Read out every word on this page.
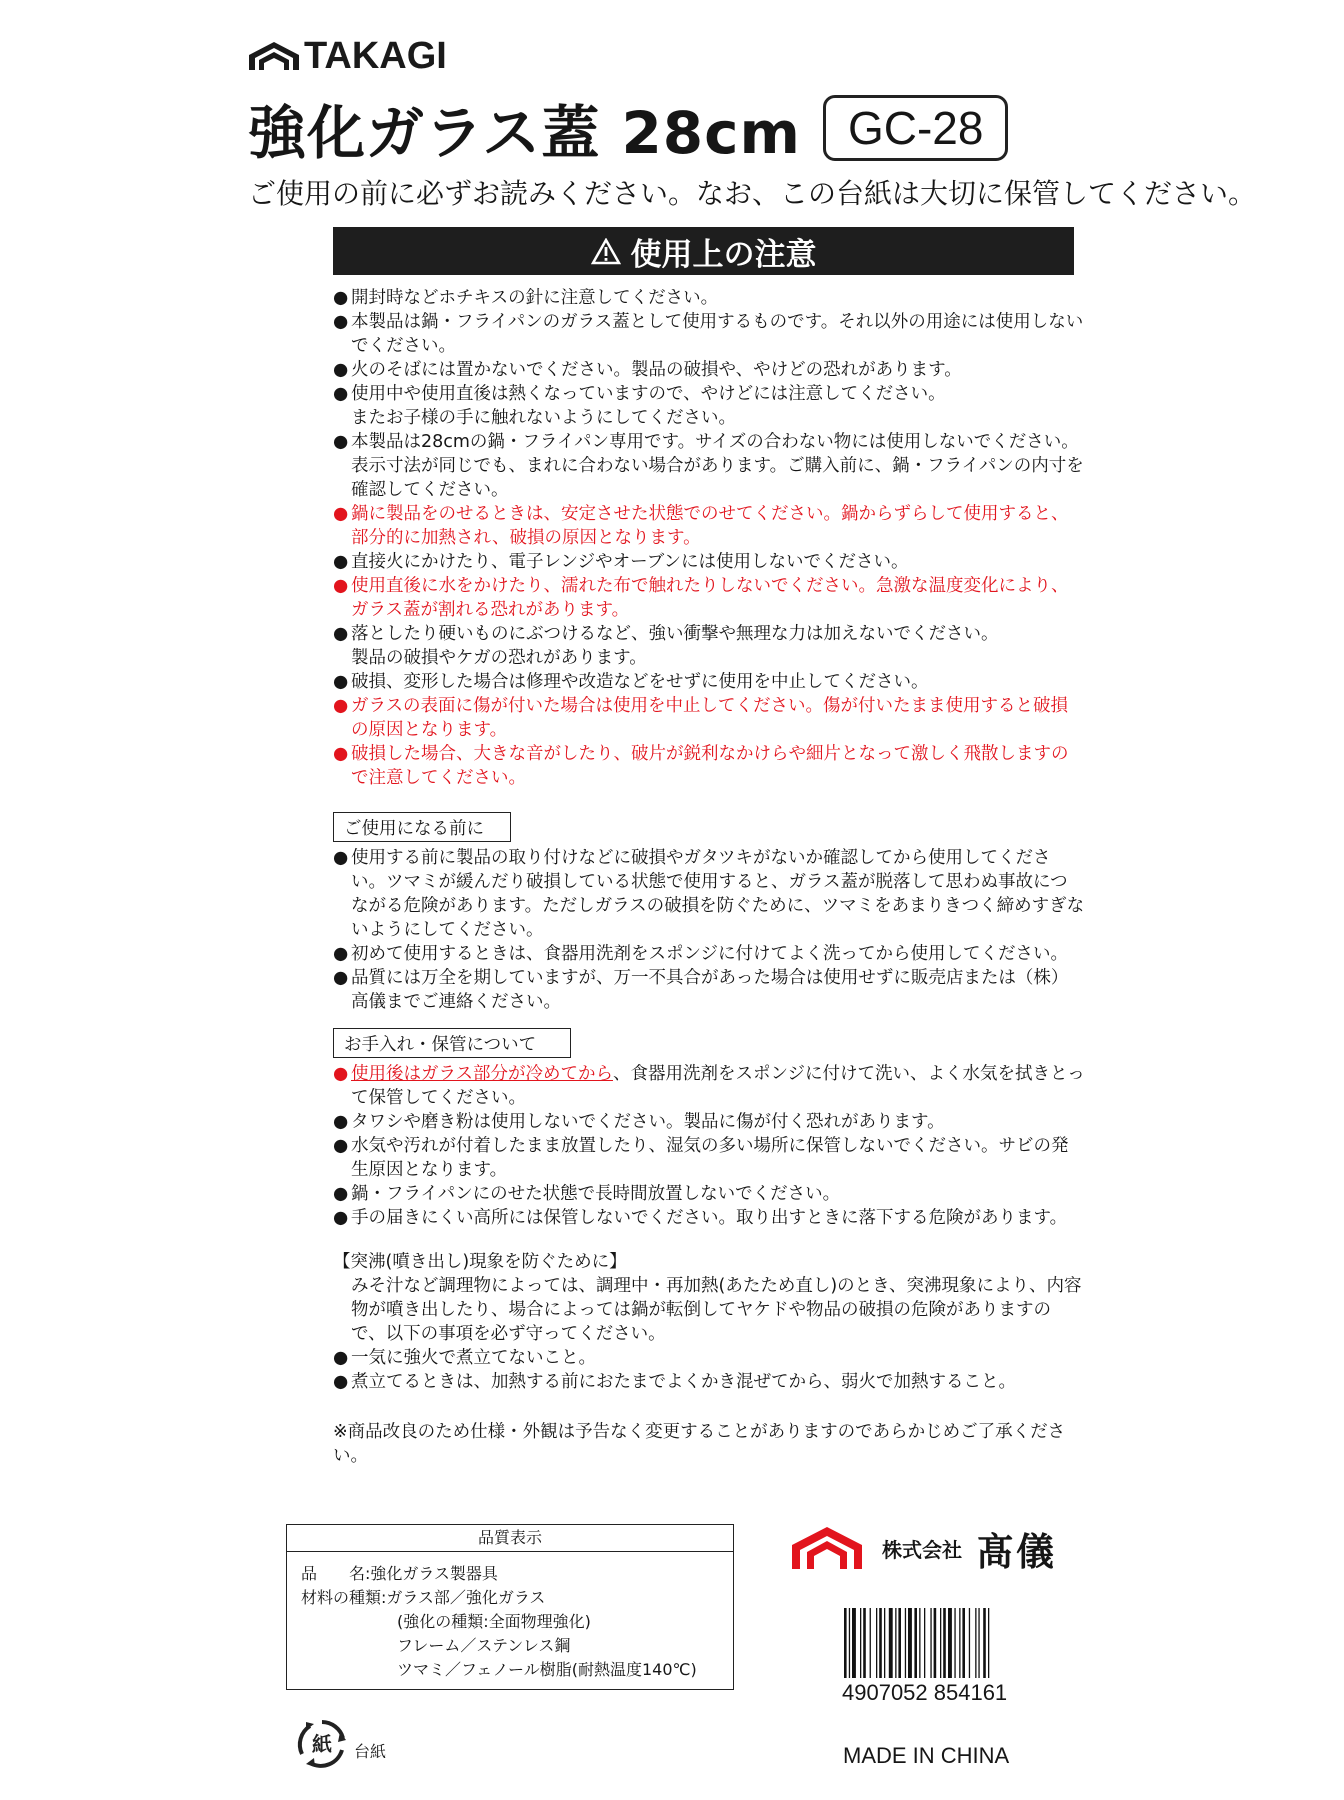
TAKAGI
強化ガラス蓋 28cm	GC-28
ご使用の前に必ずお読みください。なお、この台紙は大切に保管してください。
使用上の注意
● 開封時などホチキスの針に注意してください。
● 本製品は鍋・フライパンのガラス蓋として使用するものです。それ以外の用途には使用しないでください。
● 火のそばには置かないでください。製品の破損や、やけどの恐れがあります。
● 使用中や使用直後は熱くなっていますので、やけどには注意してください。
またお子様の手に触れないようにしてください。
● 本製品は28cmの鍋・フライパン専用です。サイズの合わない物には使用しないでください。
表示寸法が同じでも、まれに合わない場合があります。ご購入前に、鍋・フライパンの内寸を確認してください。
● 鍋に製品をのせるときは、安定させた状態でのせてください。鍋からずらして使用すると、部分的に加熱され、破損の原因となります。
● 直接火にかけたり、電子レンジやオーブンには使用しないでください。
● 使用直後に水をかけたり、濡れた布で触れたりしないでください。急激な温度変化により、ガラス蓋が割れる恐れがあります。
● 落としたり硬いものにぶつけるなど、強い衝撃や無理な力は加えないでください。
製品の破損やケガの恐れがあります。
● 破損、変形した場合は修理や改造などをせずに使用を中止してください。
● ガラスの表面に傷が付いた場合は使用を中止してください。傷が付いたまま使用すると破損の原因となります。
● 破損した場合、大きな音がしたり、破片が鋭利なかけらや細片となって激しく飛散しますので注意してください。
ご使用になる前に
● 使用する前に製品の取り付けなどに破損やガタツキがないか確認してから使用してください。ツマミが緩んだり破損している状態で使用すると、ガラス蓋が脱落して思わぬ事故につながる危険があります。ただしガラスの破損を防ぐために、ツマミをあまりきつく締めすぎないようにしてください。
● 初めて使用するときは、食器用洗剤をスポンジに付けてよく洗ってから使用してください。
● 品質には万全を期していますが、万一不具合があった場合は使用せずに販売店または（株）高儀までご連絡ください。
お手入れ・保管について
● 使用後はガラス部分が冷めてから、食器用洗剤をスポンジに付けて洗い、よく水気を拭きとって保管してください。
● タワシや磨き粉は使用しないでください。製品に傷が付く恐れがあります。
● 水気や汚れが付着したまま放置したり、湿気の多い場所に保管しないでください。サビの発生原因となります。
● 鍋・フライパンにのせた状態で長時間放置しないでください。
● 手の届きにくい高所には保管しないでください。取り出すときに落下する危険があります。
【突沸(噴き出し)現象を防ぐために】
みそ汁など調理物によっては、調理中・再加熱(あたため直し)のとき、突沸現象により、内容物が噴き出したり、場合によっては鍋が転倒してヤケドや物品の破損の危険がありますので、以下の事項を必ず守ってください。
● 一気に強火で煮立てないこと。
● 煮立てるときは、加熱する前におたまでよくかき混ぜてから、弱火で加熱すること。
※商品改良のため仕様・外観は予告なく変更することがありますのであらかじめご了承ください。
品質表示
品　　名:強化ガラス製器具
材料の種類:ガラス部／強化ガラス
(強化の種類:全面物理強化)
フレーム／ステンレス鋼
ツマミ／フェノール樹脂(耐熱温度140℃)
株式会社 髙儀
4907052 854161
MADE IN CHINA
紙 台紙
